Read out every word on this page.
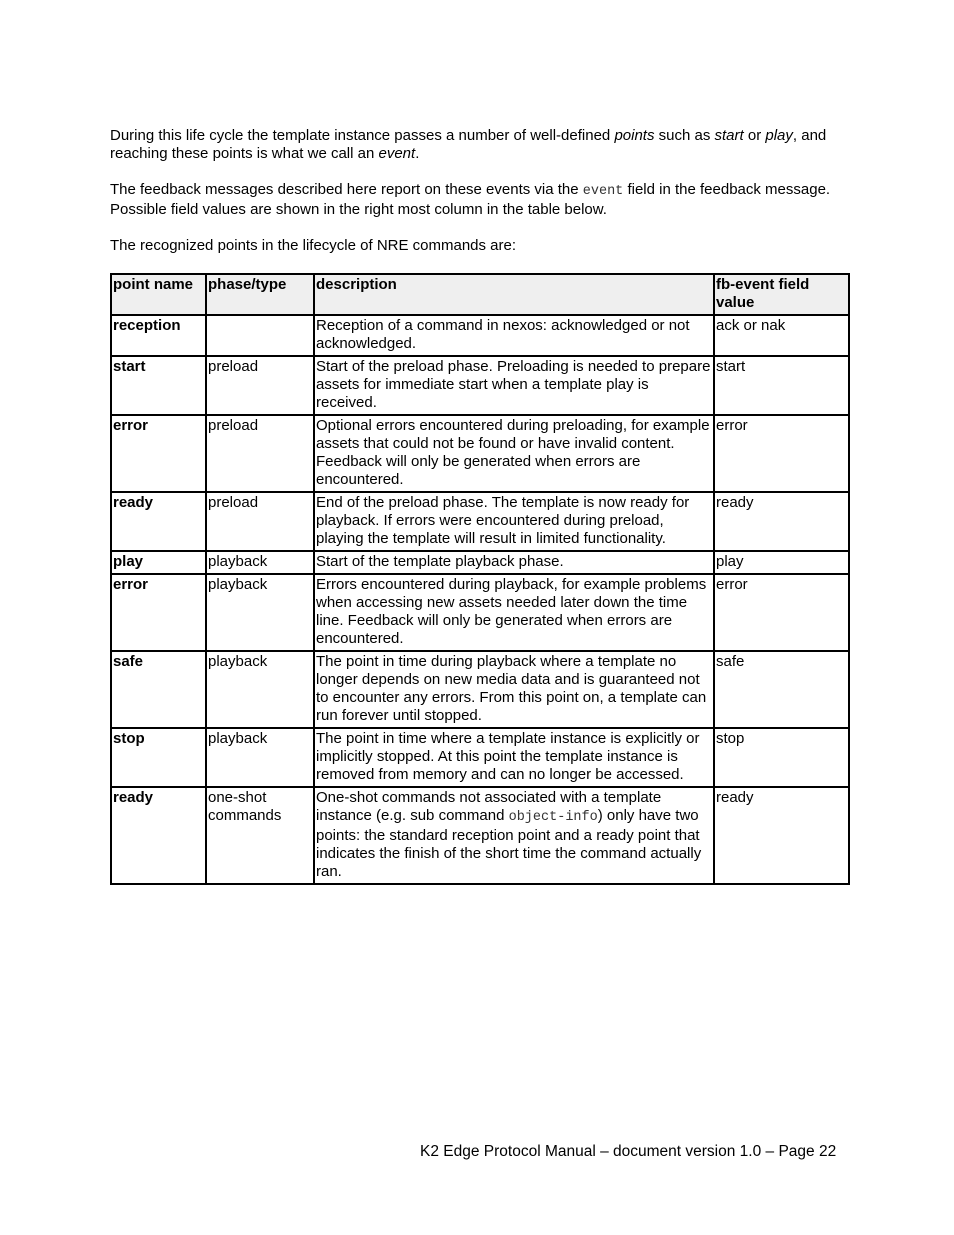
During this life cycle the template instance passes a number of well-defined points such as start or play, and reaching these points is what we call an event.

The feedback messages described here report on these events via the event field in the feedback message. Possible field values are shown in the right most column in the table below.

The recognized points in the lifecycle of NRE commands are:

point name	phase/type	description	fb-event field value
reception		Reception of a command in nexos: acknowledged or not acknowledged.	ack or nak
start	preload	Start of the preload phase. Preloading is needed to prepare assets for immediate start when a template play is received.	start
error	preload	Optional errors encountered during preloading, for example assets that could not be found or have invalid content. Feedback will only be generated when errors are encountered.	error
ready	preload	End of the preload phase. The template is now ready for playback. If errors were encountered during preload, playing the template will result in limited functionality.	ready
play	playback	Start of the template playback phase.	play
error	playback	Errors encountered during playback, for example problems when accessing new assets needed later down the time line. Feedback will only be generated when errors are encountered.	error
safe	playback	The point in time during playback where a template no longer depends on new media data and is guaranteed not to encounter any errors. From this point on, a template can run forever until stopped.	safe
stop	playback	The point in time where a template instance is explicitly or implicitly stopped. At this point the template instance is removed from memory and can no longer be accessed.	stop
ready	one-shot commands	One-shot commands not associated with a template instance (e.g. sub command object-info) only have two points: the standard reception point and a ready point that indicates the finish of the short time the command actually ran.	ready
K2 Edge Protocol Manual – document version 1.0 – Page 22
